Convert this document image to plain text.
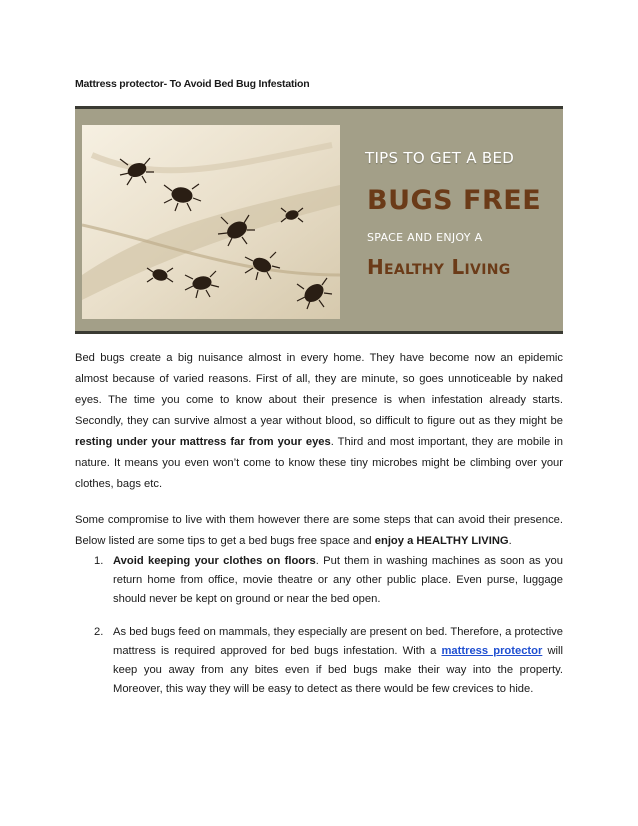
Mattress protector- To Avoid Bed Bug Infestation
TIPS TO GET A BED
BUGS FREE
SPACE AND ENJOY A
Healthy Living
Bed bugs create a big nuisance almost in every home. They have become now an epidemic almost because of varied reasons. First of all, they are minute, so goes unnoticeable by naked eyes. The time you come to know about their presence is when infestation already starts. Secondly, they can survive almost a year without blood, so difficult to figure out as they might be resting under your mattress far from your eyes. Third and most important, they are mobile in nature. It means you even won’t come to know these tiny microbes might be climbing over your clothes, bags etc.
Some compromise to live with them however there are some steps that can avoid their presence. Below listed are some tips to get a bed bugs free space and enjoy a HEALTHY LIVING.
1. Avoid keeping your clothes on floors. Put them in washing machines as soon as you return home from office, movie theatre or any other public place. Even purse, luggage should never be kept on ground or near the bed open.
2. As bed bugs feed on mammals, they especially are present on bed. Therefore, a protective mattress is required approved for bed bugs infestation. With a mattress protector will keep you away from any bites even if bed bugs make their way into the property. Moreover, this way they will be easy to detect as there would be few crevices to hide.
